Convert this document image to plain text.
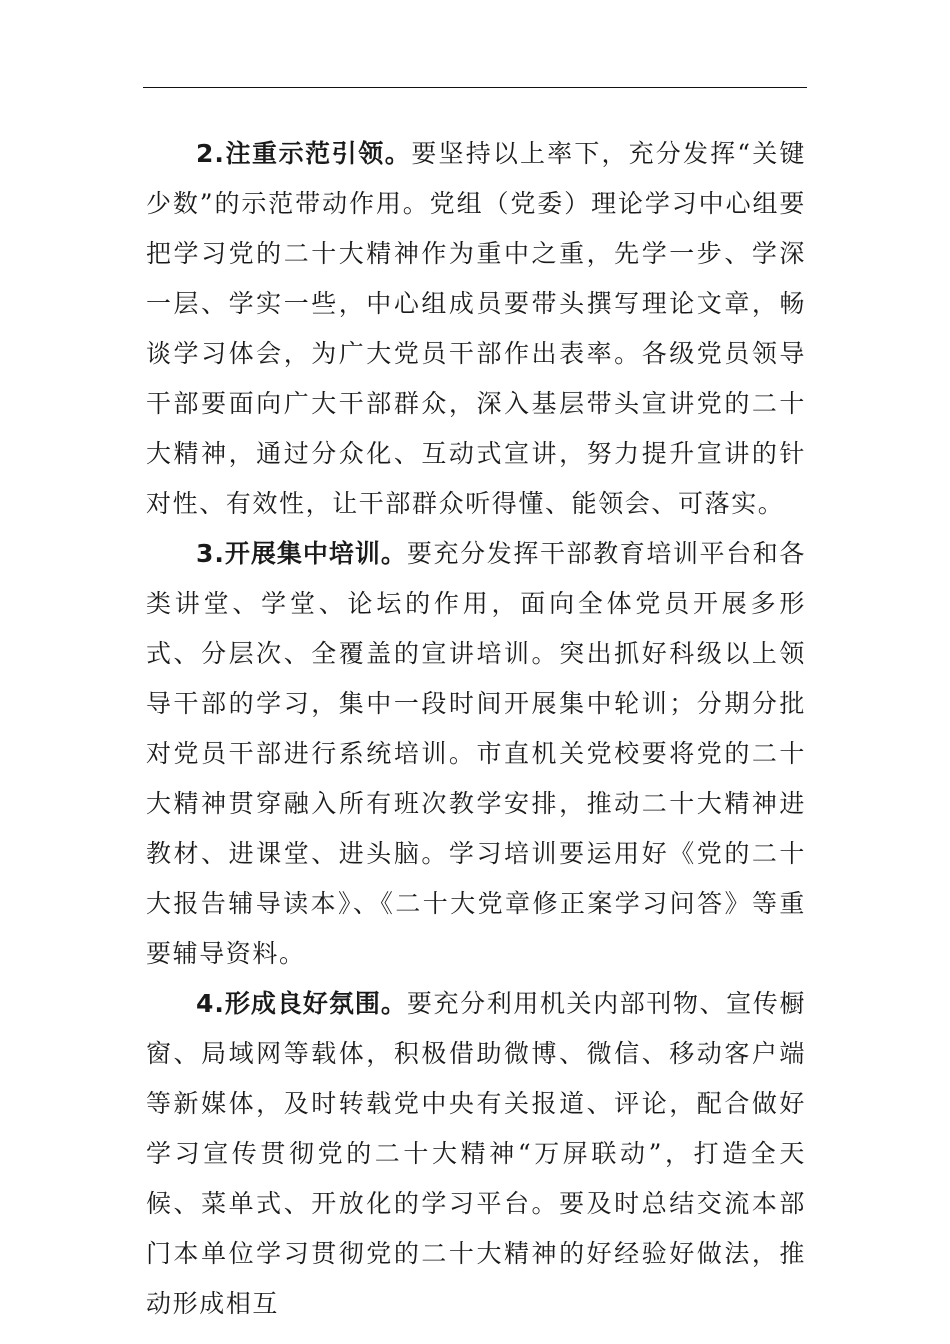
2.注重示范引领。要坚持以上率下，充分发挥“关键少数”的示范带动作用。党组（党委）理论学习中心组要把学习党的二十大精神作为重中之重，先学一步、学深一层、学实一些，中心组成员要带头撰写理论文章，畅谈学习体会，为广大党员干部作出表率。各级党员领导干部要面向广大干部群众，深入基层带头宣讲党的二十大精神，通过分众化、互动式宣讲，努力提升宣讲的针对性、有效性，让干部群众听得懂、能领会、可落实。

3.开展集中培训。要充分发挥干部教育培训平台和各类讲堂、学堂、论坛的作用，面向全体党员开展多形式、分层次、全覆盖的宣讲培训。突出抓好科级以上领导干部的学习，集中一段时间开展集中轮训；分期分批对党员干部进行系统培训。市直机关党校要将党的二十大精神贯穿融入所有班次教学安排，推动二十大精神进教材、进课堂、进头脑。学习培训要运用好《党的二十大报告辅导读本》、《二十大党章修正案学习问答》等重要辅导资料。

4.形成良好氛围。要充分利用机关内部刊物、宣传橱窗、局域网等载体，积极借助微博、微信、移动客户端等新媒体，及时转载党中央有关报道、评论，配合做好学习宣传贯彻党的二十大精神“万屏联动”，打造全天候、菜单式、开放化的学习平台。要及时总结交流本部门本单位学习贯彻党的二十大精神的好经验好做法，推动形成相互
